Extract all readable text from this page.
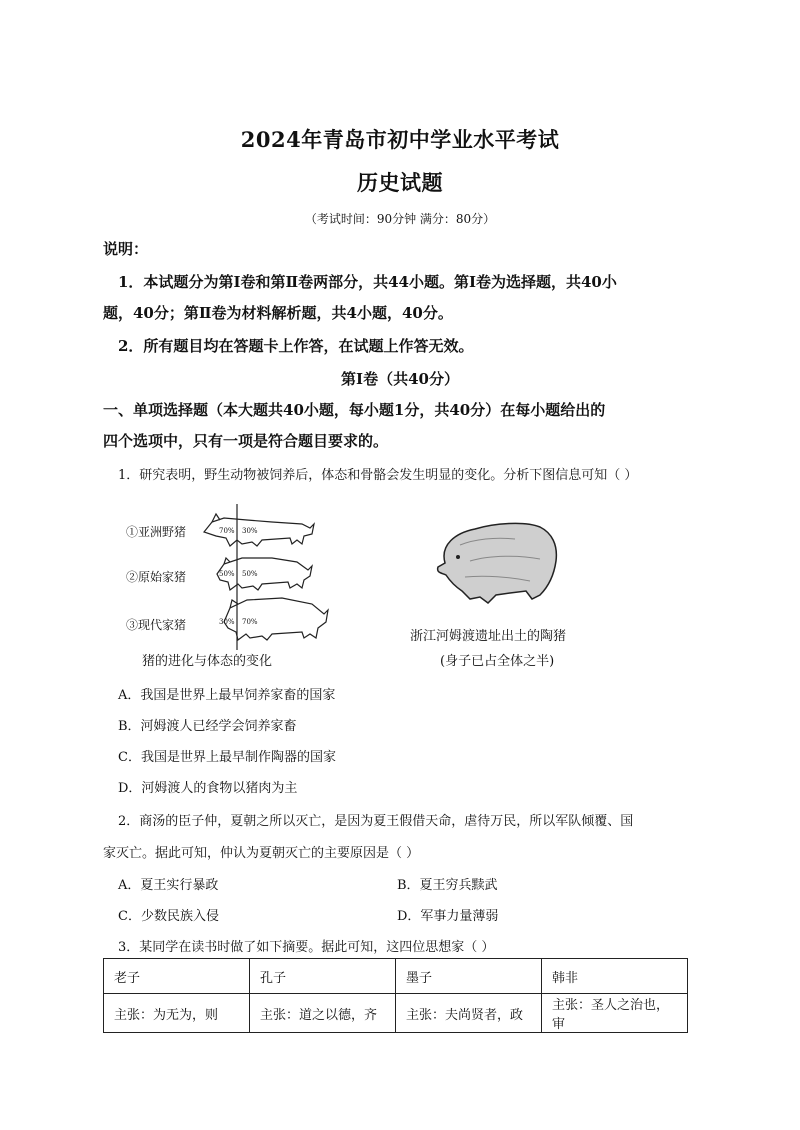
2024年青岛市初中学业水平考试
历史试题
（考试时间：90分钟 满分：80分）
说明：
1．本试题分为第Ⅰ卷和第Ⅱ卷两部分，共44小题。第Ⅰ卷为选择题，共40小
题，40分；第Ⅱ卷为材料解析题，共4小题，40分。
2．所有题目均在答题卡上作答，在试题上作答无效。
第Ⅰ卷（共40分）
一、单项选择题（本大题共40小题，每小题1分，共40分）在每小题给出的
四个选项中，只有一项是符合题目要求的。
1．研究表明，野生动物被饲养后，体态和骨骼会发生明显的变化。分析下图信息可知（ ）
①亚洲野猪
②原始家猪
③现代家猪
70% 30%
50% 50%
30% 70%
猪的进化与体态的变化
浙江河姆渡遗址出土的陶猪
(身子已占全体之半)
A．我国是世界上最早饲养家畜的国家
B．河姆渡人已经学会饲养家畜
C．我国是世界上最早制作陶器的国家
D．河姆渡人的食物以猪肉为主
2．商汤的臣子仲，夏朝之所以灭亡，是因为夏王假借天命，虐待万民，所以军队倾覆、国
家灭亡。据此可知，仲认为夏朝灭亡的主要原因是（ ）
A．夏王实行暴政	B．夏王穷兵黩武
C．少数民族入侵	D．军事力量薄弱
3．某同学在读书时做了如下摘要。据此可知，这四位思想家（ ）
老子	孔子	墨子	韩非
主张：为无为，则	主张：道之以德，齐	主张：夫尚贤者，政	主张：圣人之治也，审
